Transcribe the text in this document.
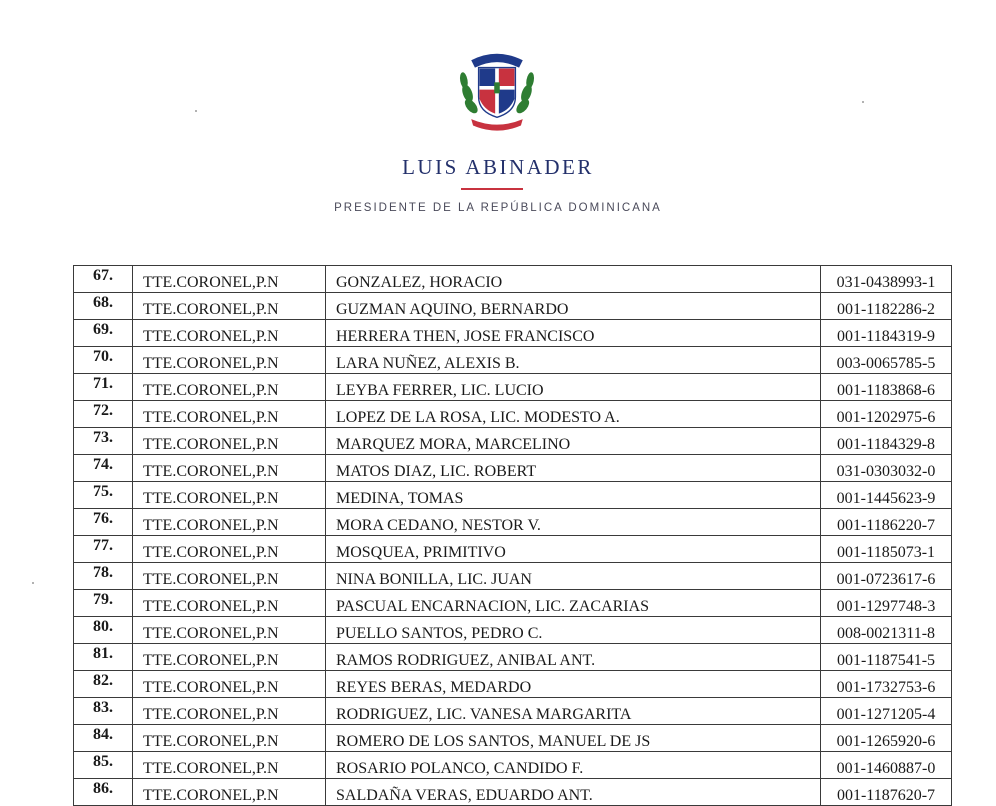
LUIS ABINADER
PRESIDENTE DE LA REPÚBLICA DOMINICANA
67.	TTE.CORONEL,P.N	GONZALEZ, HORACIO	031-0438993-1
68.	TTE.CORONEL,P.N	GUZMAN AQUINO, BERNARDO	001-1182286-2
69.	TTE.CORONEL,P.N	HERRERA THEN, JOSE FRANCISCO	001-1184319-9
70.	TTE.CORONEL,P.N	LARA NUÑEZ, ALEXIS B.	003-0065785-5
71.	TTE.CORONEL,P.N	LEYBA FERRER, LIC. LUCIO	001-1183868-6
72.	TTE.CORONEL,P.N	LOPEZ DE LA ROSA, LIC. MODESTO A.	001-1202975-6
73.	TTE.CORONEL,P.N	MARQUEZ MORA, MARCELINO	001-1184329-8
74.	TTE.CORONEL,P.N	MATOS DIAZ, LIC. ROBERT	031-0303032-0
75.	TTE.CORONEL,P.N	MEDINA, TOMAS	001-1445623-9
76.	TTE.CORONEL,P.N	MORA CEDANO, NESTOR V.	001-1186220-7
77.	TTE.CORONEL,P.N	MOSQUEA, PRIMITIVO	001-1185073-1
78.	TTE.CORONEL,P.N	NINA BONILLA, LIC. JUAN	001-0723617-6
79.	TTE.CORONEL,P.N	PASCUAL ENCARNACION, LIC. ZACARIAS	001-1297748-3
80.	TTE.CORONEL,P.N	PUELLO SANTOS, PEDRO C.	008-0021311-8
81.	TTE.CORONEL,P.N	RAMOS RODRIGUEZ, ANIBAL ANT.	001-1187541-5
82.	TTE.CORONEL,P.N	REYES BERAS, MEDARDO	001-1732753-6
83.	TTE.CORONEL,P.N	RODRIGUEZ, LIC. VANESA MARGARITA	001-1271205-4
84.	TTE.CORONEL,P.N	ROMERO DE LOS SANTOS, MANUEL DE JS	001-1265920-6
85.	TTE.CORONEL,P.N	ROSARIO POLANCO, CANDIDO F.	001-1460887-0
86.	TTE.CORONEL,P.N	SALDAÑA VERAS, EDUARDO ANT.	001-1187620-7
